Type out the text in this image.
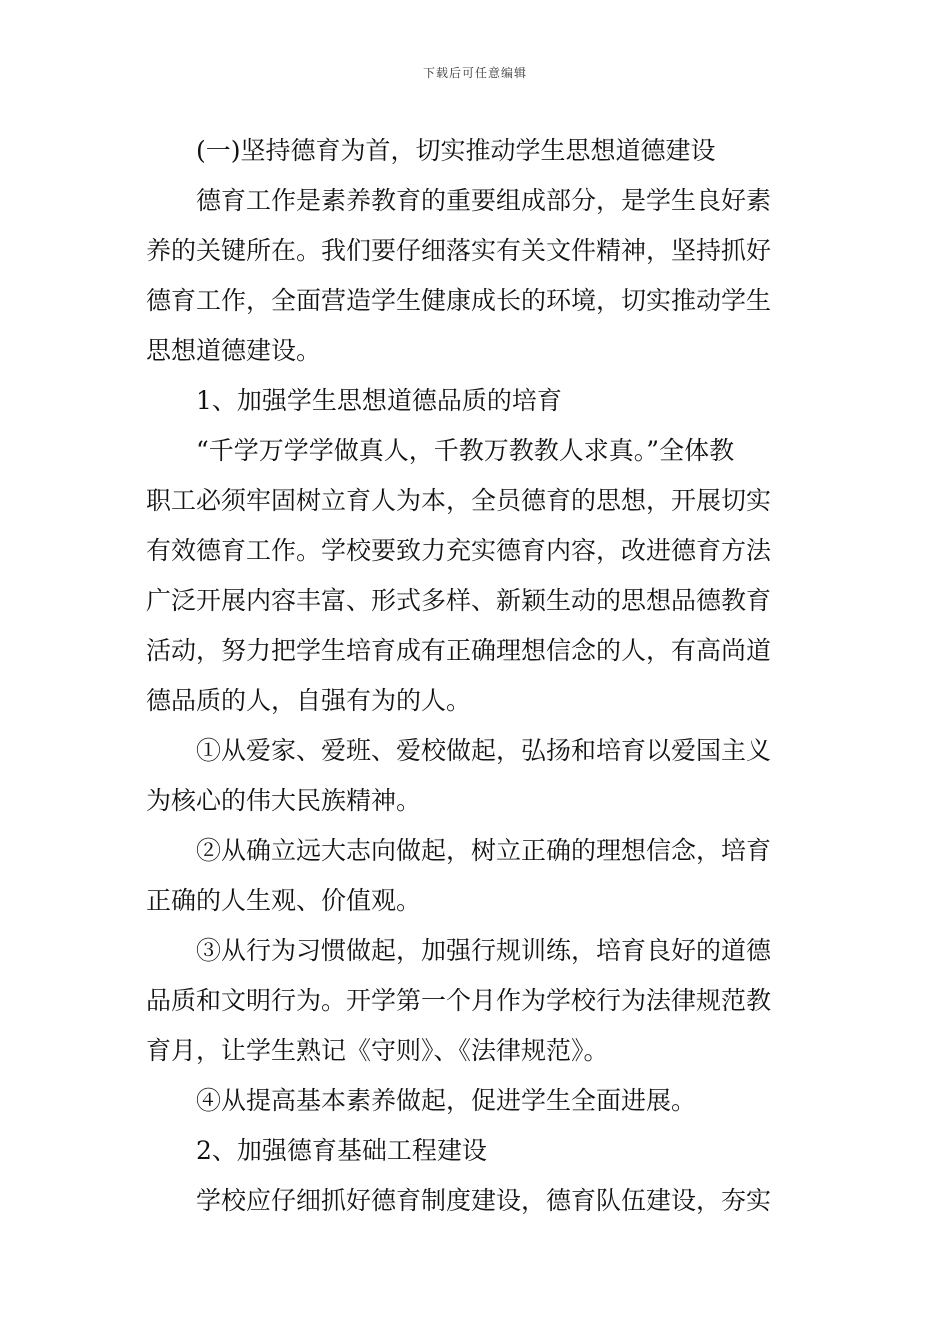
下载后可任意编辑
(一)坚持德育为首，切实推动学生思想道德建设
德育工作是素养教育的重要组成部分，是学生良好素
养的关键所在。我们要仔细落实有关文件精神，坚持抓好
德育工作，全面营造学生健康成长的环境，切实推动学生
思想道德建设。
1、加强学生思想道德品质的培育
“千学万学学做真人，千教万教教人求真。”全体教
职工必须牢固树立育人为本，全员德育的思想，开展切实
有效德育工作。学校要致力充实德育内容，改进德育方法
广泛开展内容丰富、形式多样、新颖生动的思想品德教育
活动，努力把学生培育成有正确理想信念的人，有高尚道
德品质的人，自强有为的人。
①从爱家、爱班、爱校做起，弘扬和培育以爱国主义
为核心的伟大民族精神。
②从确立远大志向做起，树立正确的理想信念，培育
正确的人生观、价值观。
③从行为习惯做起，加强行规训练，培育良好的道德
品质和文明行为。开学第一个月作为学校行为法律规范教
育月，让学生熟记《守则》、《法律规范》。
④从提高基本素养做起，促进学生全面进展。
2、加强德育基础工程建设
学校应仔细抓好德育制度建设，德育队伍建设，夯实
